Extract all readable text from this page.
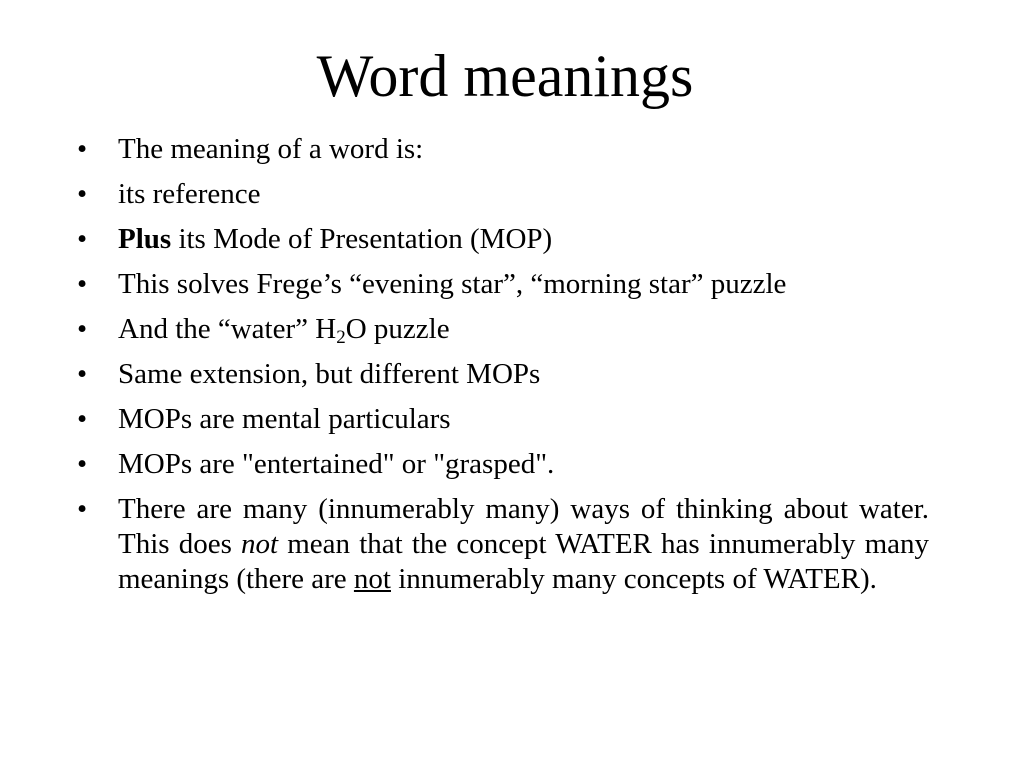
Word meanings
• The meaning of a word is:
• its reference
• Plus its Mode of Presentation (MOP)
• This solves Frege’s “evening star”, “morning star” puzzle
• And the “water” $H_2O$ puzzle
• Same extension, but different MOPs
• MOPs are mental particulars
• MOPs are "entertained" or "grasped".
• There are many (innumerably many) ways of thinking about water. This does not mean that the concept WATER has innumerably many meanings (there are not innumerably many concepts of WATER).
